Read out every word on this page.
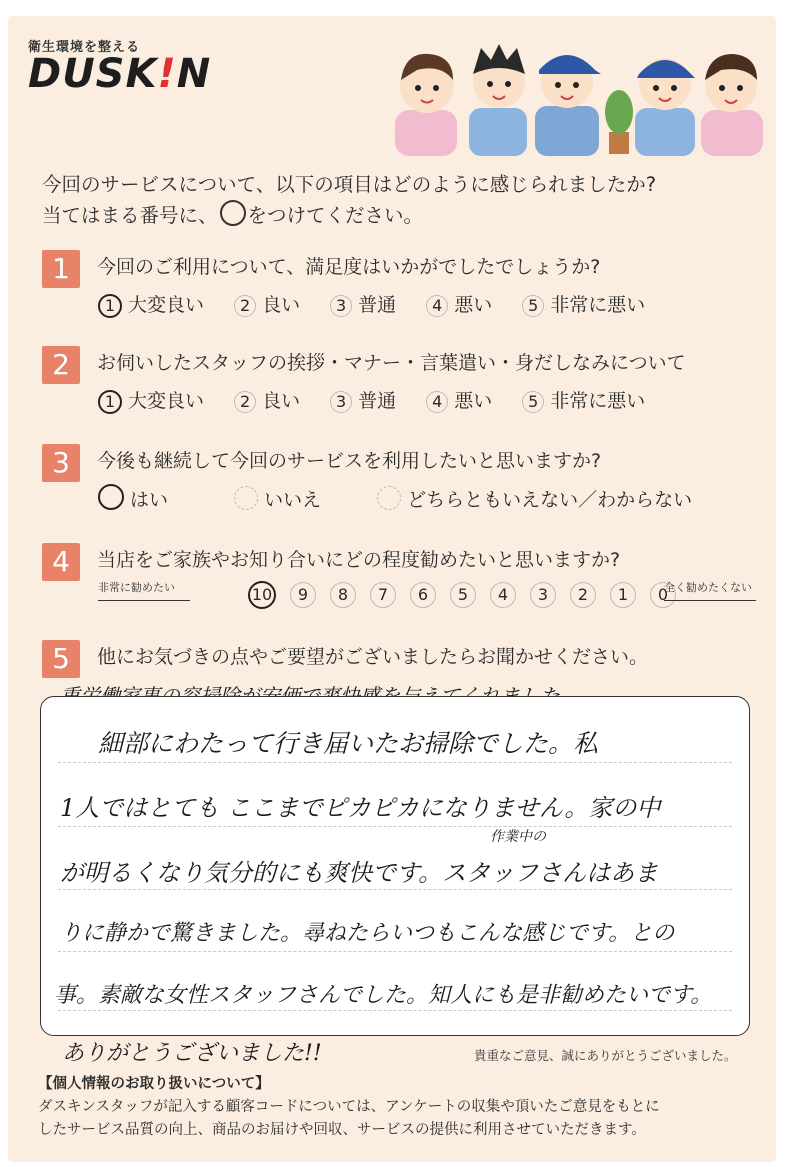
衛生環境を整える
DUSK!N
今回のサービスについて、以下の項目はどのように感じられましたか?
当てはまる番号に、 ○ をつけてください。
1	今回のご利用について、満足度はいかがでしたでしょうか?
1 大変良い 2 良い 3 普通 4 悪い 5 非常に悪い
2	お伺いしたスタッフの挨拶・マナー・言葉遣い・身だしなみについて
1 大変良い 2 良い 3 普通 4 悪い 5 非常に悪い
3	今後も継続して今回のサービスを利用したいと思いますか?
はい	いいえ	どちらともいえない／わからない
4	当店をご家族やお知り合いにどの程度勧めたいと思いますか?
非常に勧めたい	10 9 8 7 6 5 4 3 2 1 0
全く勧めたくない
5	他にお気づきの点やご要望がございましたらお聞かせください。
細部にわたって行き届いたお掃除でした。私
1人ではとても ここまでピカピカになりません。家の中
作業中の
が明るくなり気分的にも爽快です。スタッフさんはあま
りに静かで驚きました。尋ねたらいつもこんな感じです。との
事。素敵な女性スタッフさんでした。知人にも是非勧めたいです。
ありがとうございました!!	貴重なご意見、誠にありがとうございました。
【個人情報のお取り扱いについて】
ダスキンスタッフが記入する顧客コードについては、アンケートの収集や頂いたご意見をもとに
したサービス品質の向上、商品のお届けや回収、サービスの提供に利用させていただきます。
